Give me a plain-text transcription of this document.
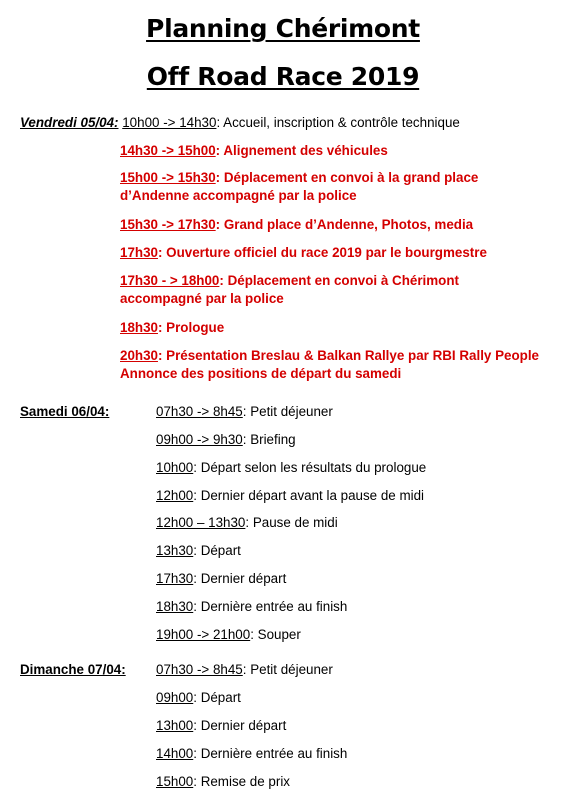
Planning Chérimont
Off Road Race 2019
Vendredi 05/04: 10h00 -> 14h30: Accueil, inscription & contrôle technique
14h30 -> 15h00: Alignement des véhicules
15h00 -> 15h30: Déplacement en convoi à la grand place
d’Andenne accompagné par la police
15h30 -> 17h30: Grand place d’Andenne, Photos, media
17h30: Ouverture officiel du race 2019 par le bourgmestre
17h30 - > 18h00: Déplacement en convoi à Chérimont
accompagné par la police
18h30: Prologue
20h30: Présentation Breslau & Balkan Rallye par RBI Rally People
Annonce des positions de départ du samedi
Samedi 06/04:	07h30 -> 8h45: Petit déjeuner
09h00 -> 9h30: Briefing
10h00: Départ selon les résultats du prologue
12h00: Dernier départ avant la pause de midi
12h00 – 13h30: Pause de midi
13h30: Départ
17h30: Dernier départ
18h30: Dernière entrée au finish
19h00 -> 21h00: Souper
Dimanche 07/04: 07h30 -> 8h45: Petit déjeuner
09h00: Départ
13h00: Dernier départ
14h00: Dernière entrée au finish
15h00: Remise de prix
